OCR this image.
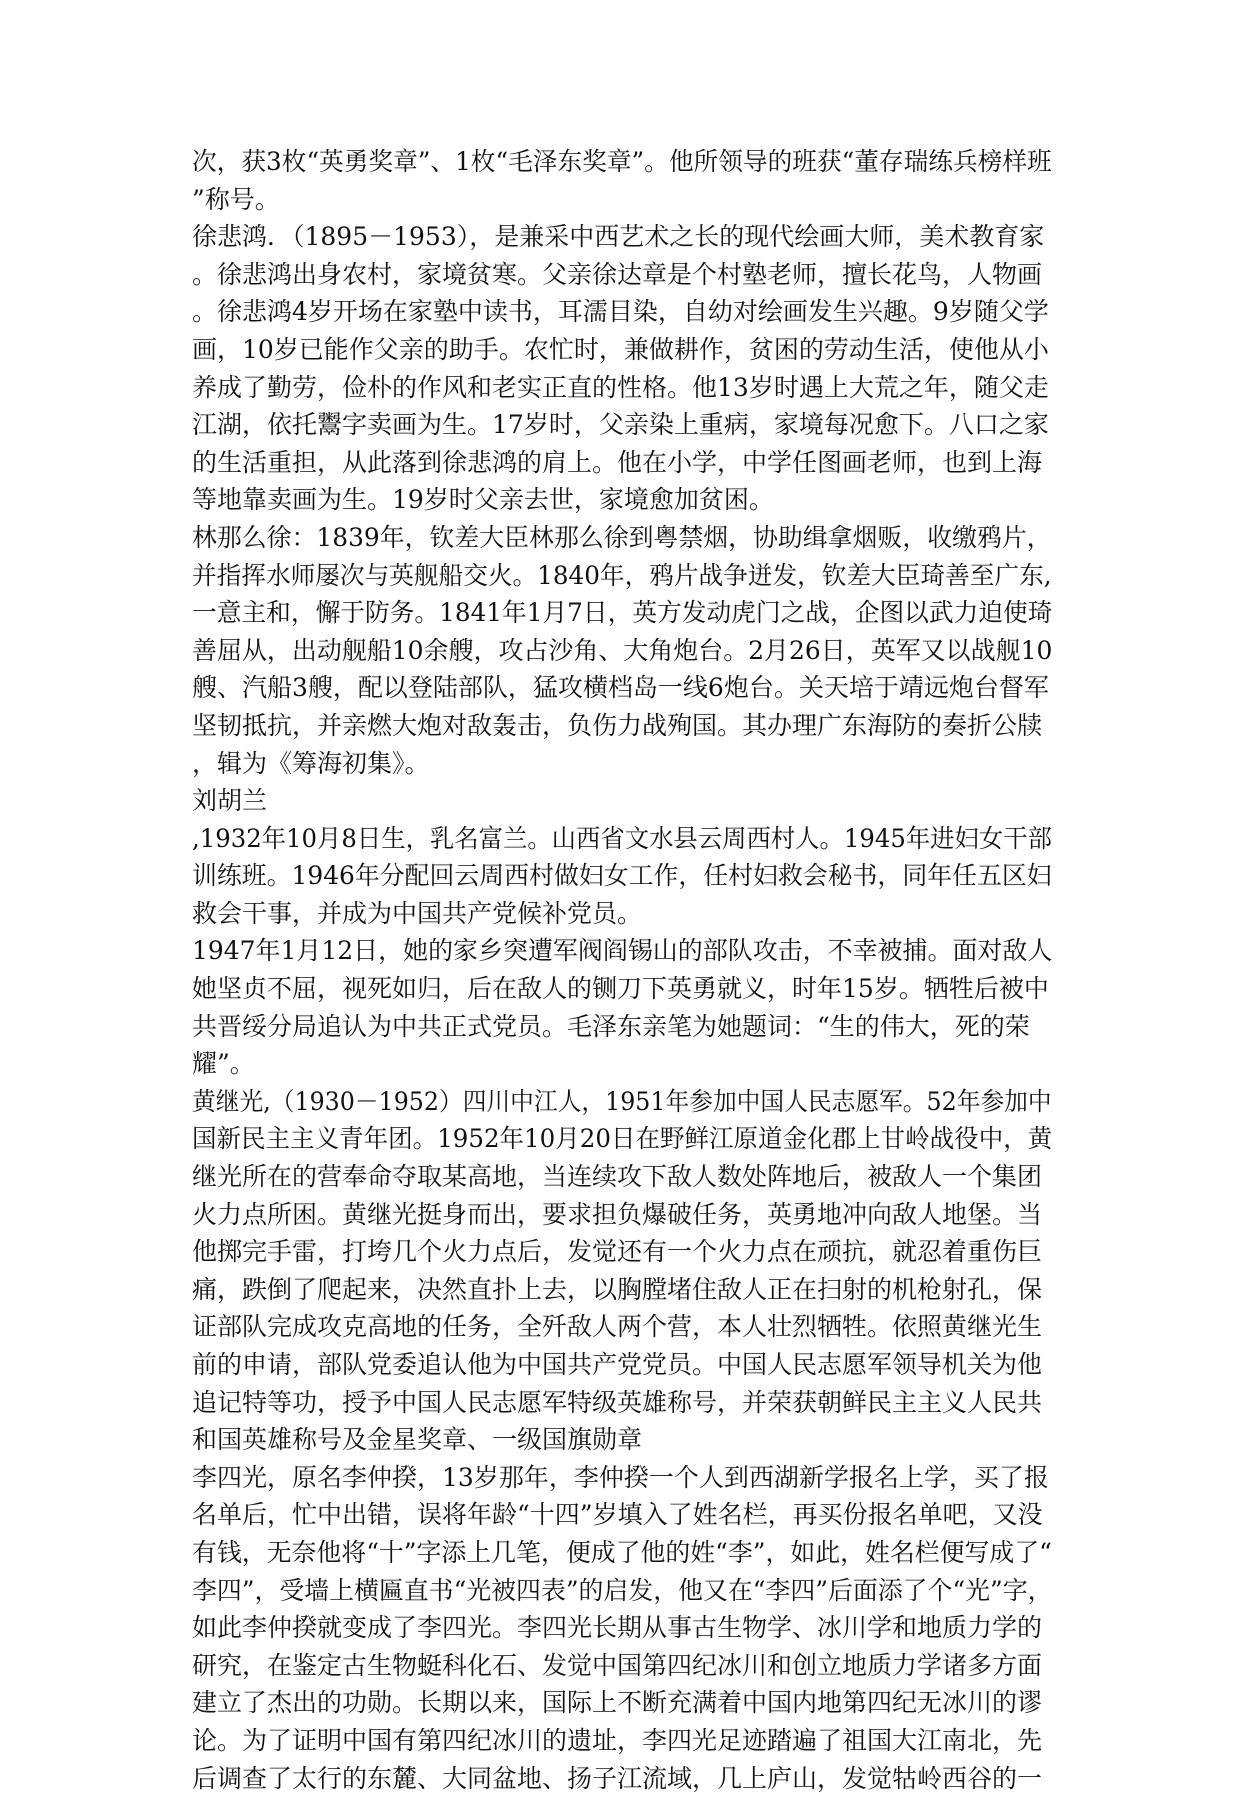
次，获3枚“英勇奖章”、1枚“毛泽东奖章”。他所领导的班获“董存瑞练兵榜样班
”称号。
徐悲鸿．（1895－1953），是兼采中西艺术之长的现代绘画大师，美术教育家
。徐悲鸿出身农村，家境贫寒。父亲徐达章是个村塾老师，擅长花鸟，人物画
。徐悲鸿4岁开场在家塾中读书，耳濡目染，自幼对绘画发生兴趣。9岁随父学
画，10岁已能作父亲的助手。农忙时，兼做耕作，贫困的劳动生活，使他从小
养成了勤劳，俭朴的作风和老实正直的性格。他13岁时遇上大荒之年，随父走
江湖，依托鬻字卖画为生。17岁时，父亲染上重病，家境每况愈下。八口之家
的生活重担，从此落到徐悲鸿的肩上。他在小学，中学任图画老师，也到上海
等地靠卖画为生。19岁时父亲去世，家境愈加贫困。
林那么徐：1839年，钦差大臣林那么徐到粤禁烟，协助缉拿烟贩，收缴鸦片，
并指挥水师屡次与英舰船交火。1840年，鸦片战争迸发，钦差大臣琦善至广东,
一意主和，懈于防务。1841年1月7日，英方发动虎门之战，企图以武力迫使琦
善屈从，出动舰船10余艘，攻占沙角、大角炮台。2月26日，英军又以战舰10
艘、汽船3艘，配以登陆部队，猛攻横档岛一线6炮台。关天培于靖远炮台督军
坚韧抵抗，并亲燃大炮对敌轰击，负伤力战殉国。其办理广东海防的奏折公牍
，辑为《筹海初集》。
刘胡兰
,1932年10月8日生，乳名富兰。山西省文水县云周西村人。1945年进妇女干部
训练班。1946年分配回云周西村做妇女工作，任村妇救会秘书，同年任五区妇
救会干事，并成为中国共产党候补党员。
1947年1月12日，她的家乡突遭军阀阎锡山的部队攻击，不幸被捕。面对敌人
她坚贞不屈，视死如归，后在敌人的铡刀下英勇就义，时年15岁。牺牲后被中
共晋绥分局追认为中共正式党员。毛泽东亲笔为她题词：“生的伟大，死的荣
耀”。
黄继光,（1930－1952）四川中江人，1951年参加中国人民志愿军。52年参加中
国新民主主义青年团。1952年10月20日在野鲜江原道金化郡上甘岭战役中，黄
继光所在的营奉命夺取某高地，当连续攻下敌人数处阵地后，被敌人一个集团
火力点所困。黄继光挺身而出，要求担负爆破任务，英勇地冲向敌人地堡。当
他掷完手雷，打垮几个火力点后，发觉还有一个火力点在顽抗，就忍着重伤巨
痛，跌倒了爬起来，决然直扑上去，以胸膛堵住敌人正在扫射的机枪射孔，保
证部队完成攻克高地的任务，全歼敌人两个营，本人壮烈牺牲。依照黄继光生
前的申请，部队党委追认他为中国共产党党员。中国人民志愿军领导机关为他
追记特等功，授予中国人民志愿军特级英雄称号，并荣获朝鲜民主主义人民共
和国英雄称号及金星奖章、一级国旗勋章
李四光，原名李仲揆，13岁那年，李仲揆一个人到西湖新学报名上学，买了报
名单后，忙中出错，误将年龄“十四”岁填入了姓名栏，再买份报名单吧，又没
有钱，无奈他将“十”字添上几笔，便成了他的姓“李”，如此，姓名栏便写成了“
李四”，受墙上横匾直书“光被四表”的启发，他又在“李四”后面添了个“光”字，
如此李仲揆就变成了李四光。李四光长期从事古生物学、冰川学和地质力学的
研究，在鉴定古生物蜓科化石、发觉中国第四纪冰川和创立地质力学诸多方面
建立了杰出的功勋。长期以来，国际上不断充满着中国内地第四纪无冰川的谬
论。为了证明中国有第四纪冰川的遗址，李四光足迹踏遍了祖国大江南北，先
后调查了太行的东麓、大同盆地、扬子江流域，几上庐山，发觉牯岭西谷的一
